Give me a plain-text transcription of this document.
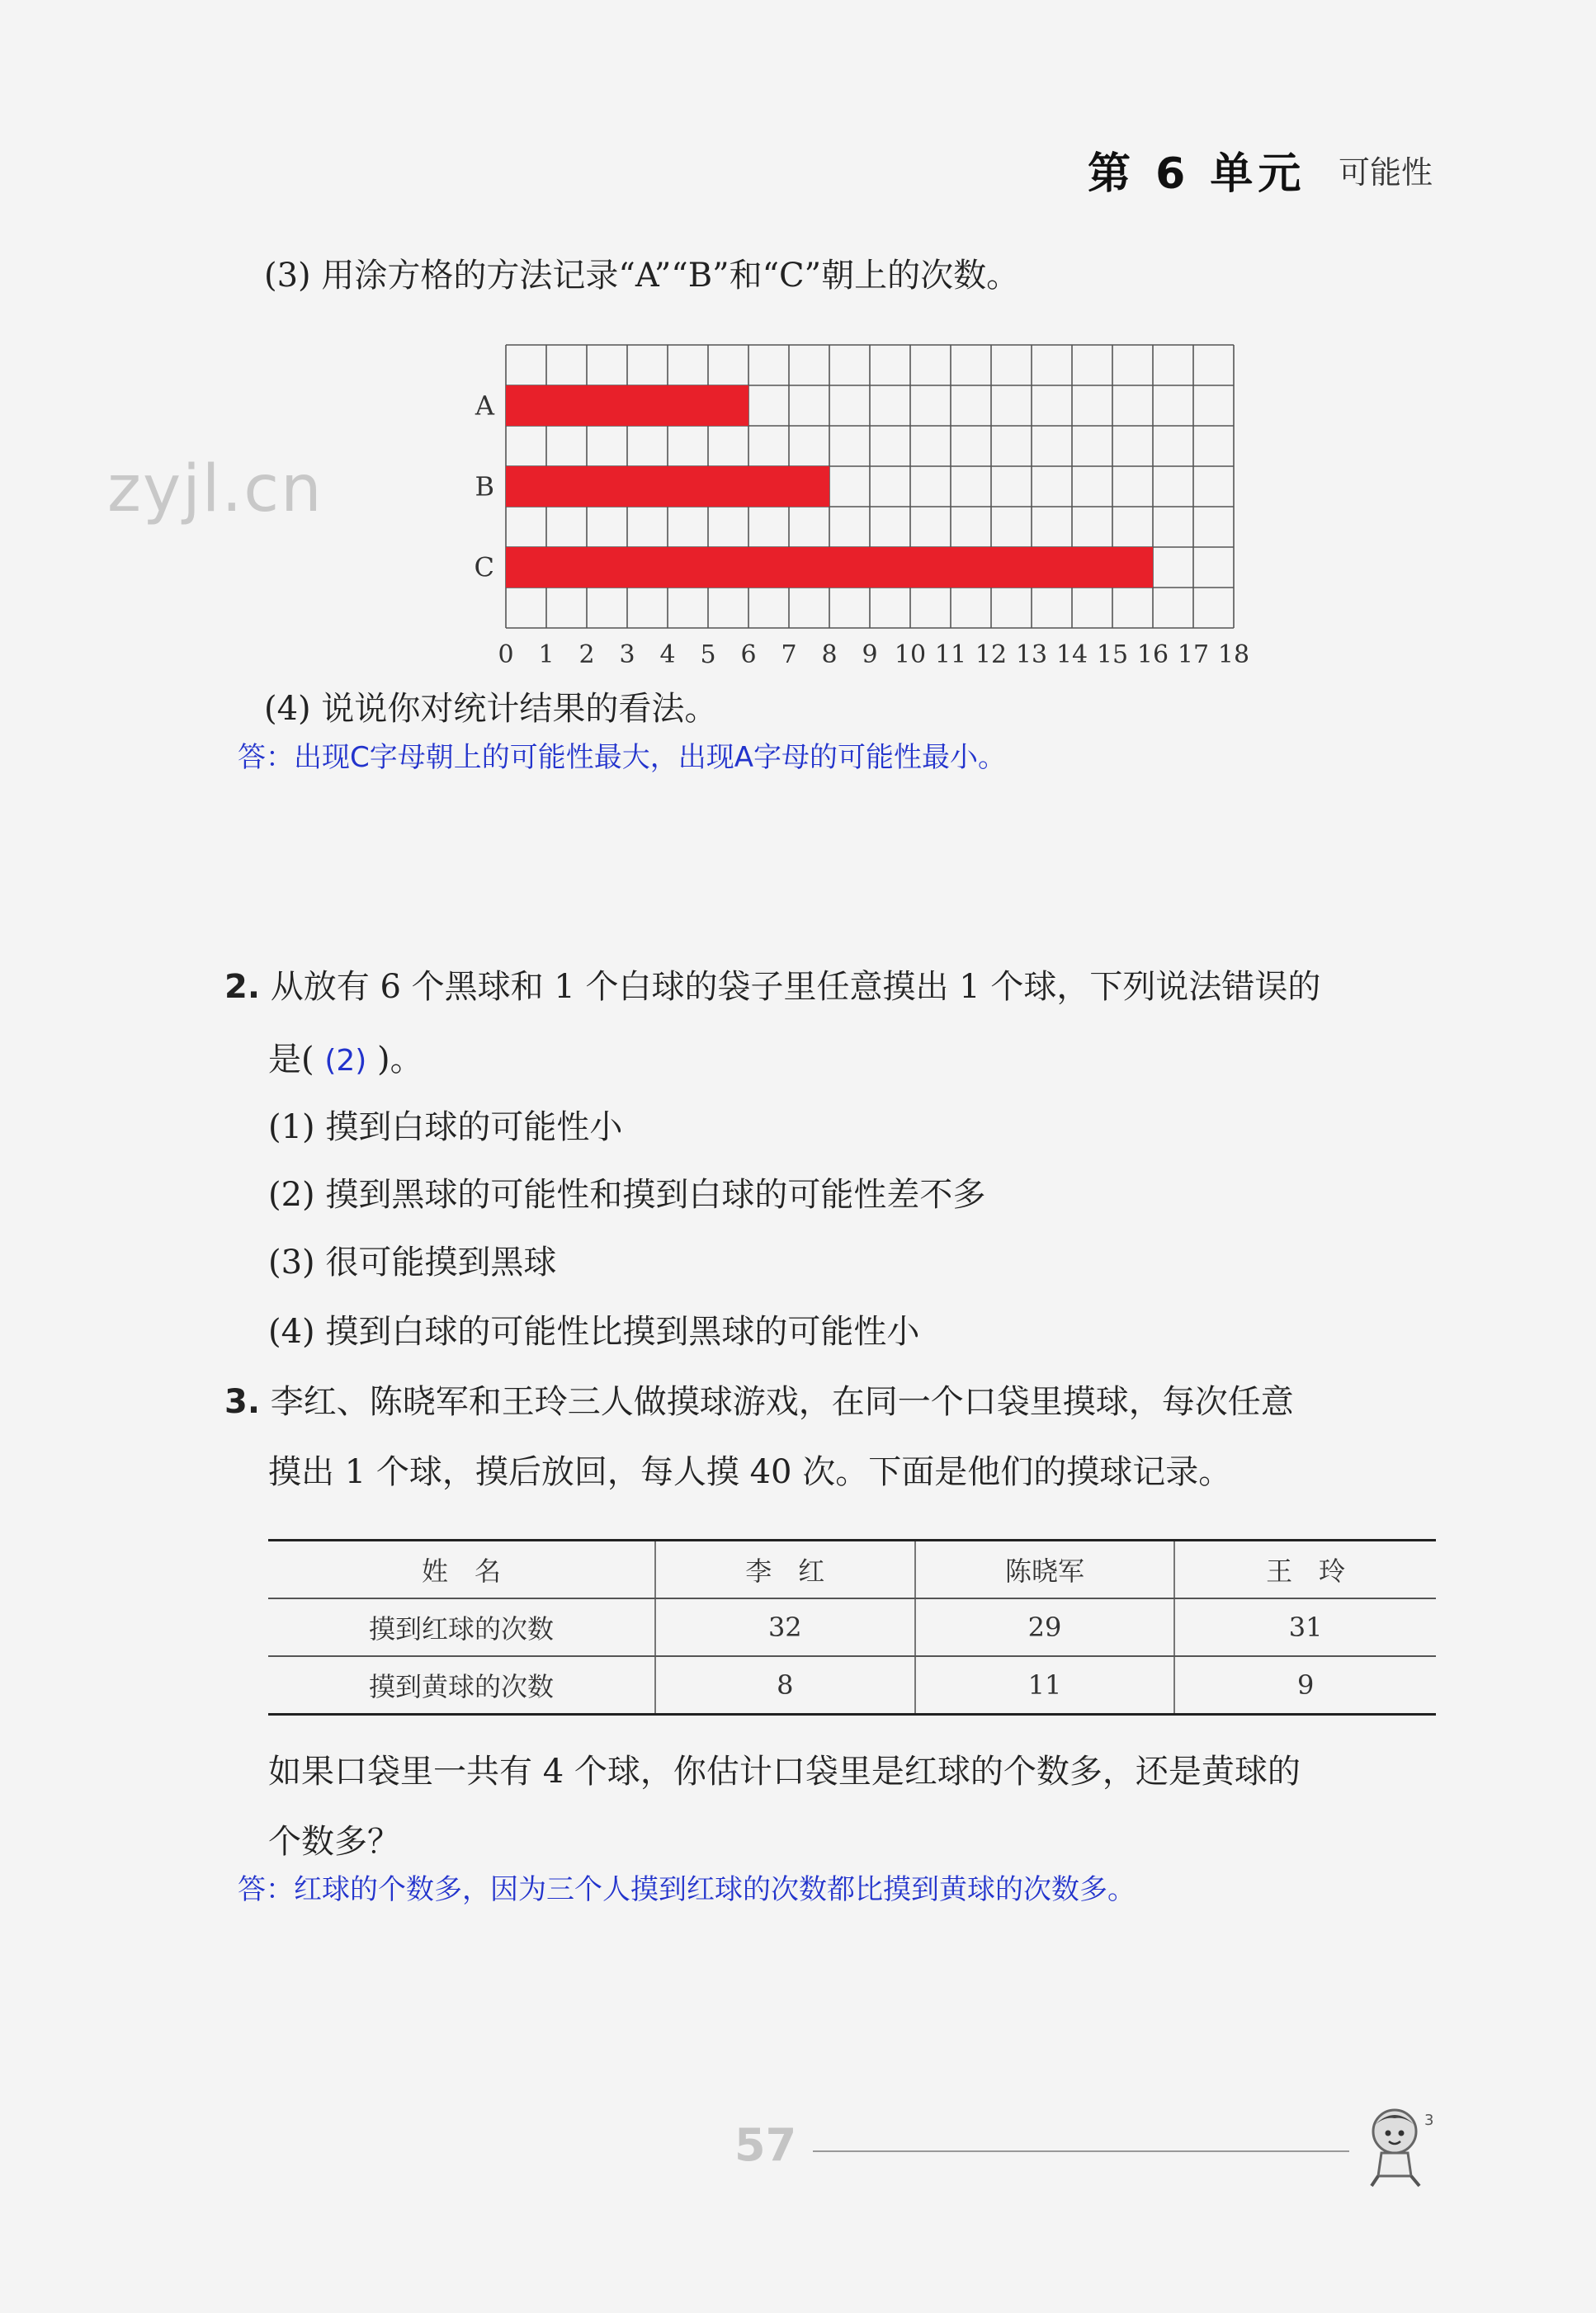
第 6 单元 可能性
zyjl.cn
(3) 用涂方格的方法记录“A”“B”和“C”朝上的次数。
A
B
C
0 1 2 3 4 5 6 7 8 9 10 11 12 13 14 15 16 17 18
(4) 说说你对统计结果的看法。
答：出现C字母朝上的可能性最大，出现A字母的可能性最小。
2. 从放有 6 个黑球和 1 个白球的袋子里任意摸出 1 个球，下列说法错误的
是( (2) )。
(1) 摸到白球的可能性小
(2) 摸到黑球的可能性和摸到白球的可能性差不多
(3) 很可能摸到黑球
(4) 摸到白球的可能性比摸到黑球的可能性小
3. 李红、陈晓军和王玲三人做摸球游戏，在同一个口袋里摸球，每次任意
摸出 1 个球，摸后放回，每人摸 40 次。下面是他们的摸球记录。
姓　名	李　红	陈晓军	王　玲
摸到红球的次数	32	29	31
摸到黄球的次数	8	11	9
如果口袋里一共有 4 个球，你估计口袋里是红球的个数多，还是黄球的
个数多？
答：红球的个数多，因为三个人摸到红球的次数都比摸到黄球的次数多。
57	3
